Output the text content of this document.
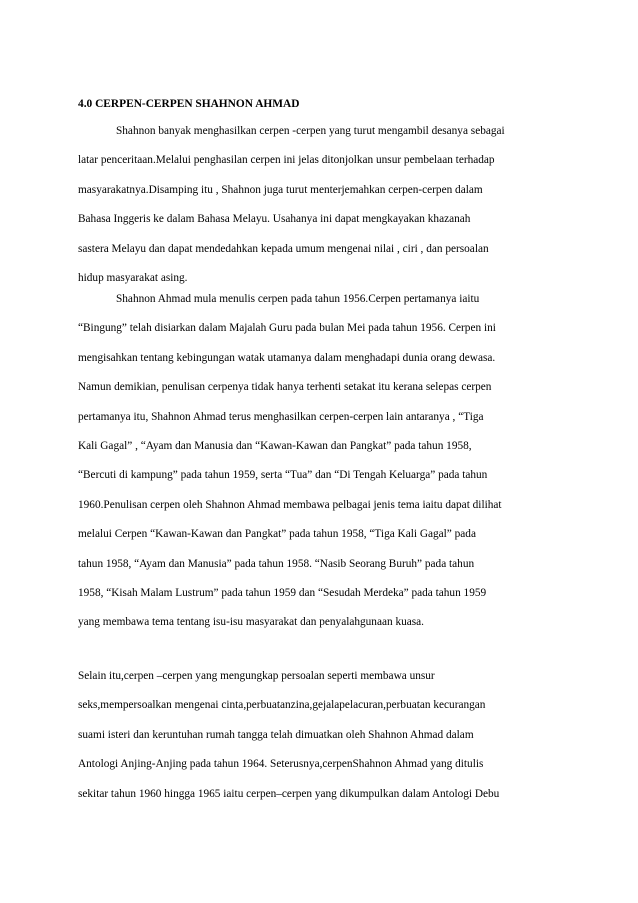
4.0 CERPEN-CERPEN SHAHNON AHMAD
Shahnon banyak menghasilkan cerpen -cerpen yang turut mengambil desanya sebagai
latar penceritaan.Melalui penghasilan cerpen ini jelas ditonjolkan unsur pembelaan terhadap
masyarakatnya.Disamping itu , Shahnon juga turut menterjemahkan cerpen-cerpen dalam
Bahasa Inggeris ke dalam Bahasa Melayu. Usahanya ini dapat mengkayakan khazanah
sastera Melayu dan dapat mendedahkan kepada umum mengenai nilai , ciri , dan persoalan
hidup masyarakat asing.
Shahnon Ahmad mula menulis cerpen pada tahun 1956.Cerpen pertamanya iaitu
“Bingung” telah disiarkan dalam Majalah Guru pada bulan Mei pada tahun 1956. Cerpen ini
mengisahkan tentang kebingungan watak utamanya dalam menghadapi dunia orang dewasa.
Namun demikian, penulisan cerpenya tidak hanya terhenti setakat itu kerana selepas cerpen
pertamanya itu, Shahnon Ahmad terus menghasilkan cerpen-cerpen lain antaranya , “Tiga
Kali Gagal” , “Ayam dan Manusia dan “Kawan-Kawan dan Pangkat” pada tahun 1958,
“Bercuti di kampung” pada tahun 1959, serta “Tua” dan “Di Tengah Keluarga” pada tahun
1960.Penulisan cerpen oleh Shahnon Ahmad membawa pelbagai jenis tema iaitu dapat dilihat
melalui Cerpen “Kawan-Kawan dan Pangkat” pada tahun 1958, “Tiga Kali Gagal” pada
tahun 1958, “Ayam dan Manusia” pada tahun 1958. “Nasib Seorang Buruh” pada tahun
1958, “Kisah Malam Lustrum” pada tahun 1959 dan “Sesudah Merdeka” pada tahun 1959
yang membawa tema tentang isu-isu masyarakat dan penyalahgunaan kuasa.
Selain itu,cerpen –cerpen yang mengungkap persoalan seperti membawa unsur
seks,mempersoalkan mengenai cinta,perbuatanzina,gejalapelacuran,perbuatan kecurangan
suami isteri dan keruntuhan rumah tangga telah dimuatkan oleh Shahnon Ahmad dalam
Antologi Anjing-Anjing pada tahun 1964. Seterusnya,cerpenShahnon Ahmad yang ditulis
sekitar tahun 1960 hingga 1965 iaitu cerpen–cerpen yang dikumpulkan dalam Antologi Debu
